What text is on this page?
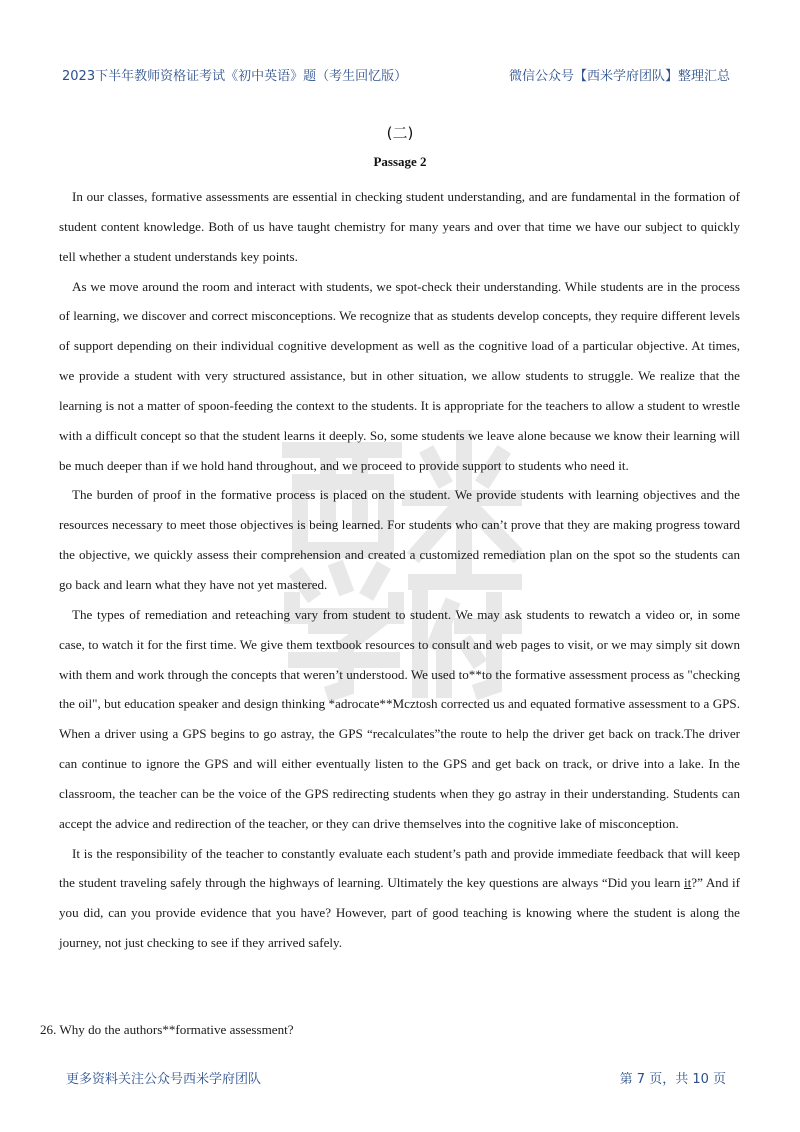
2023下半年教师资格证考试《初中英语》题（考生回忆版）	微信公众号【西米学府团队】整理汇总
(二)
Passage 2

In our classes, formative assessments are essential in checking student understanding, and are fundamental in the formation of student content knowledge. Both of us have taught chemistry for many years and over that time we have our subject to quickly tell whether a student understands key points.

As we move around the room and interact with students, we spot-check their understanding. While students are in the process of learning, we discover and correct misconceptions. We recognize that as students develop concepts, they require different levels of support depending on their individual cognitive development as well as the cognitive load of a particular objective. At times, we provide a student with very structured assistance, but in other situation, we allow students to struggle. We realize that the learning is not a matter of spoon-feeding the context to the students. It is appropriate for the teachers to allow a student to wrestle with a difficult concept so that the student learns it deeply. So, some students we leave alone because we know their learning will be much deeper than if we hold hand throughout, and we proceed to provide support to students who need it.

The burden of proof in the formative process is placed on the student. We provide students with learning objectives and the resources necessary to meet those objectives is being learned. For students who can’t prove that they are making progress toward the objective, we quickly assess their comprehension and created a customized remediation plan on the spot so the students can go back and learn what they have not yet mastered.

The types of remediation and reteaching vary from student to student. We may ask students to rewatch a video or, in some case, to watch it for the first time. We give them textbook resources to consult and web pages to visit, or we may simply sit down with them and work through the concepts that weren’t understood. We used to**to the formative assessment process as "checking the oil", but education speaker and design thinking *adrocate**Mcztosh corrected us and equated formative assessment to a GPS. When a driver using a GPS begins to go astray, the GPS “recalculates”the route to help the driver get back on track.The driver can continue to ignore the GPS and will either eventually listen to the GPS and get back on track, or drive into a lake. In the classroom, the teacher can be the voice of the GPS redirecting students when they go astray in their understanding. Students can accept the advice and redirection of the teacher, or they can drive themselves into the cognitive lake of misconception.

It is the responsibility of the teacher to constantly evaluate each student’s path and provide immediate feedback that will keep the student traveling safely through the highways of learning. Ultimately the key questions are always “Did you learn it?” And if you did, can you provide evidence that you have? However, part of good teaching is knowing where the student is along the journey, not just checking to see if they arrived safely.

26. Why do the authors**formative assessment?
更多资料关注公众号西米学府团队	第 7 页，共 10 页
